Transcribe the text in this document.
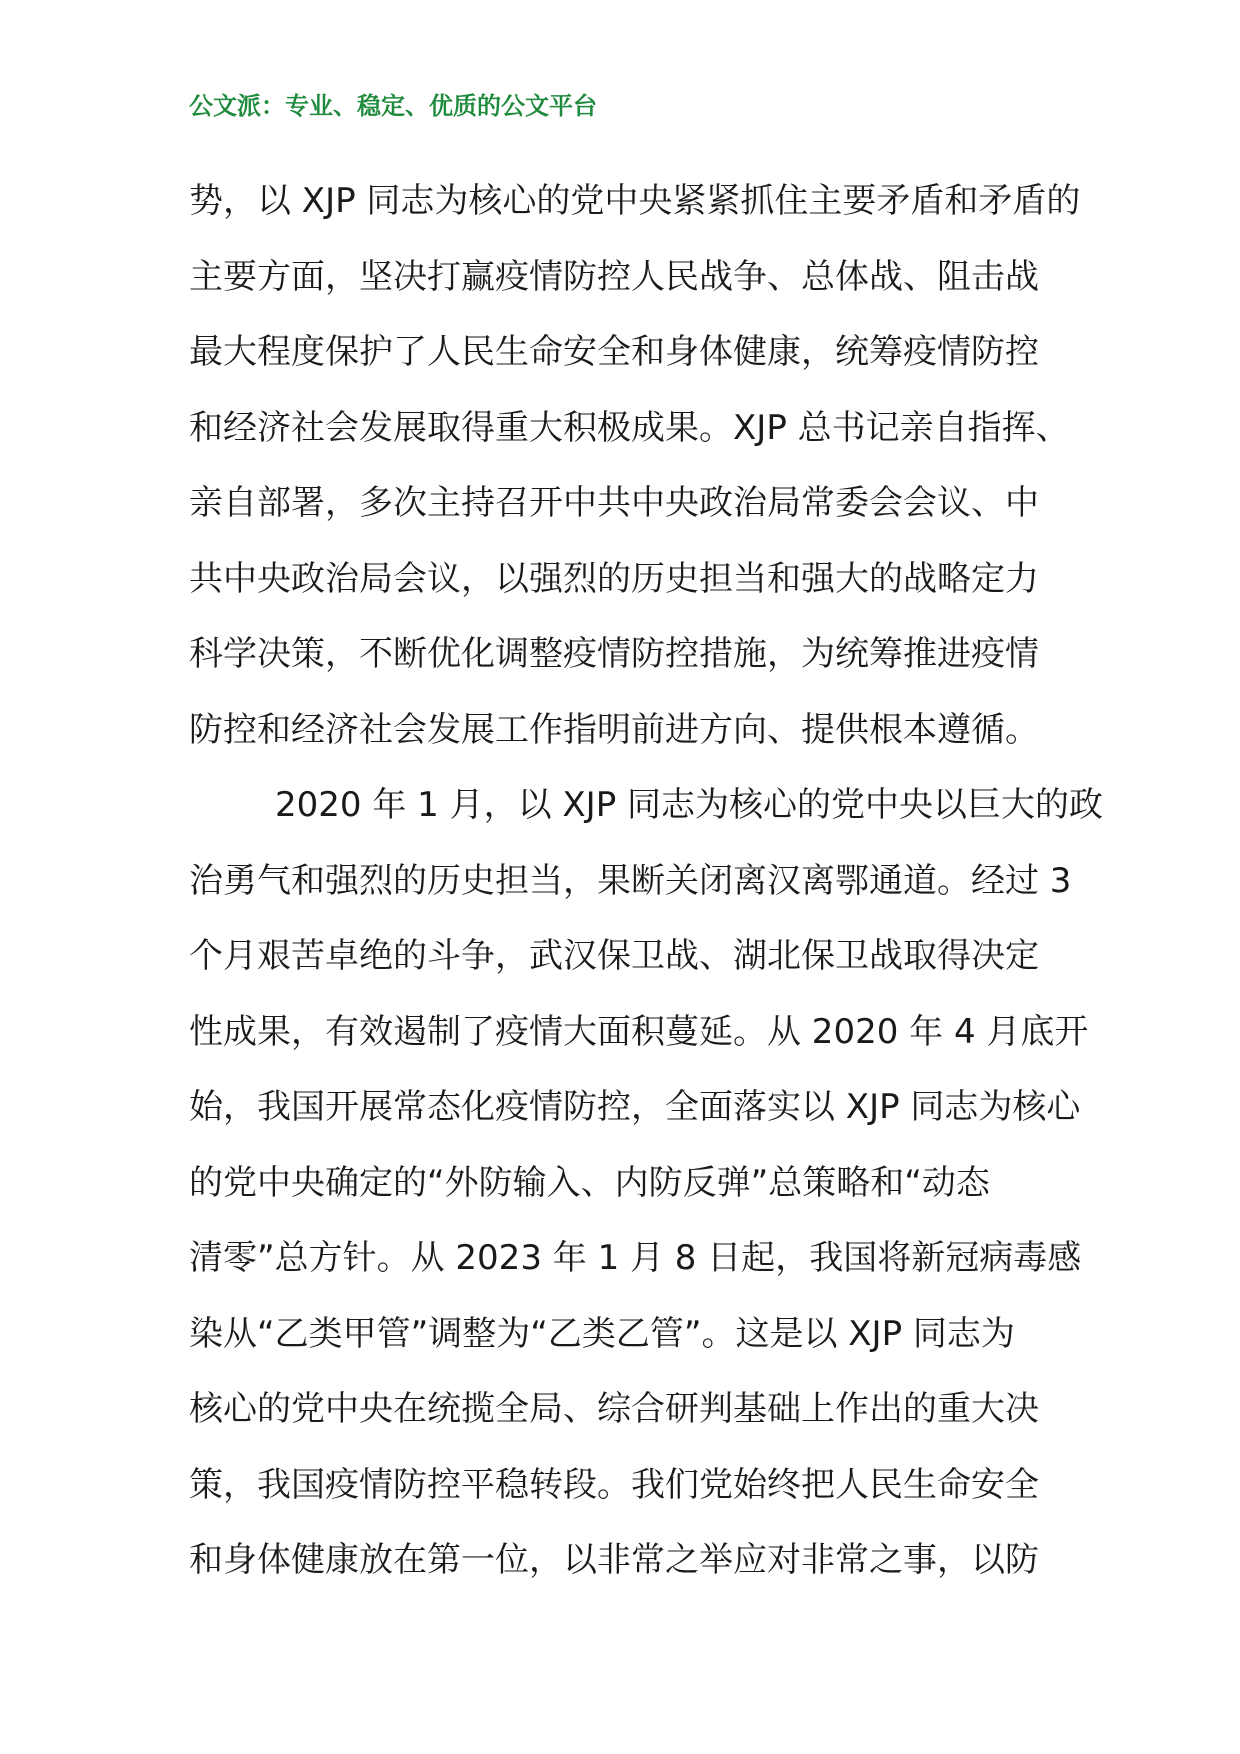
公文派：专业、稳定、优质的公文平台

势，以 XJP 同志为核心的党中央紧紧抓住主要矛盾和矛盾的
主要方面，坚决打赢疫情防控人民战争、总体战、阻击战
最大程度保护了人民生命安全和身体健康，统筹疫情防控
和经济社会发展取得重大积极成果。XJP 总书记亲自指挥、
亲自部署，多次主持召开中共中央政治局常委会会议、中
共中央政治局会议，以强烈的历史担当和强大的战略定力
科学决策，不断优化调整疫情防控措施，为统筹推进疫情
防控和经济社会发展工作指明前进方向、提供根本遵循。

2020 年 1 月，以 XJP 同志为核心的党中央以巨大的政
治勇气和强烈的历史担当，果断关闭离汉离鄂通道。经过 3
个月艰苦卓绝的斗争，武汉保卫战、湖北保卫战取得决定
性成果，有效遏制了疫情大面积蔓延。从 2020 年 4 月底开
始，我国开展常态化疫情防控，全面落实以 XJP 同志为核心
的党中央确定的“外防输入、内防反弹”总策略和“动态
清零”总方针。从 2023 年 1 月 8 日起，我国将新冠病毒感
染从“乙类甲管”调整为“乙类乙管”。这是以 XJP 同志为
核心的党中央在统揽全局、综合研判基础上作出的重大决
策，我国疫情防控平稳转段。我们党始终把人民生命安全
和身体健康放在第一位，以非常之举应对非常之事，以防
